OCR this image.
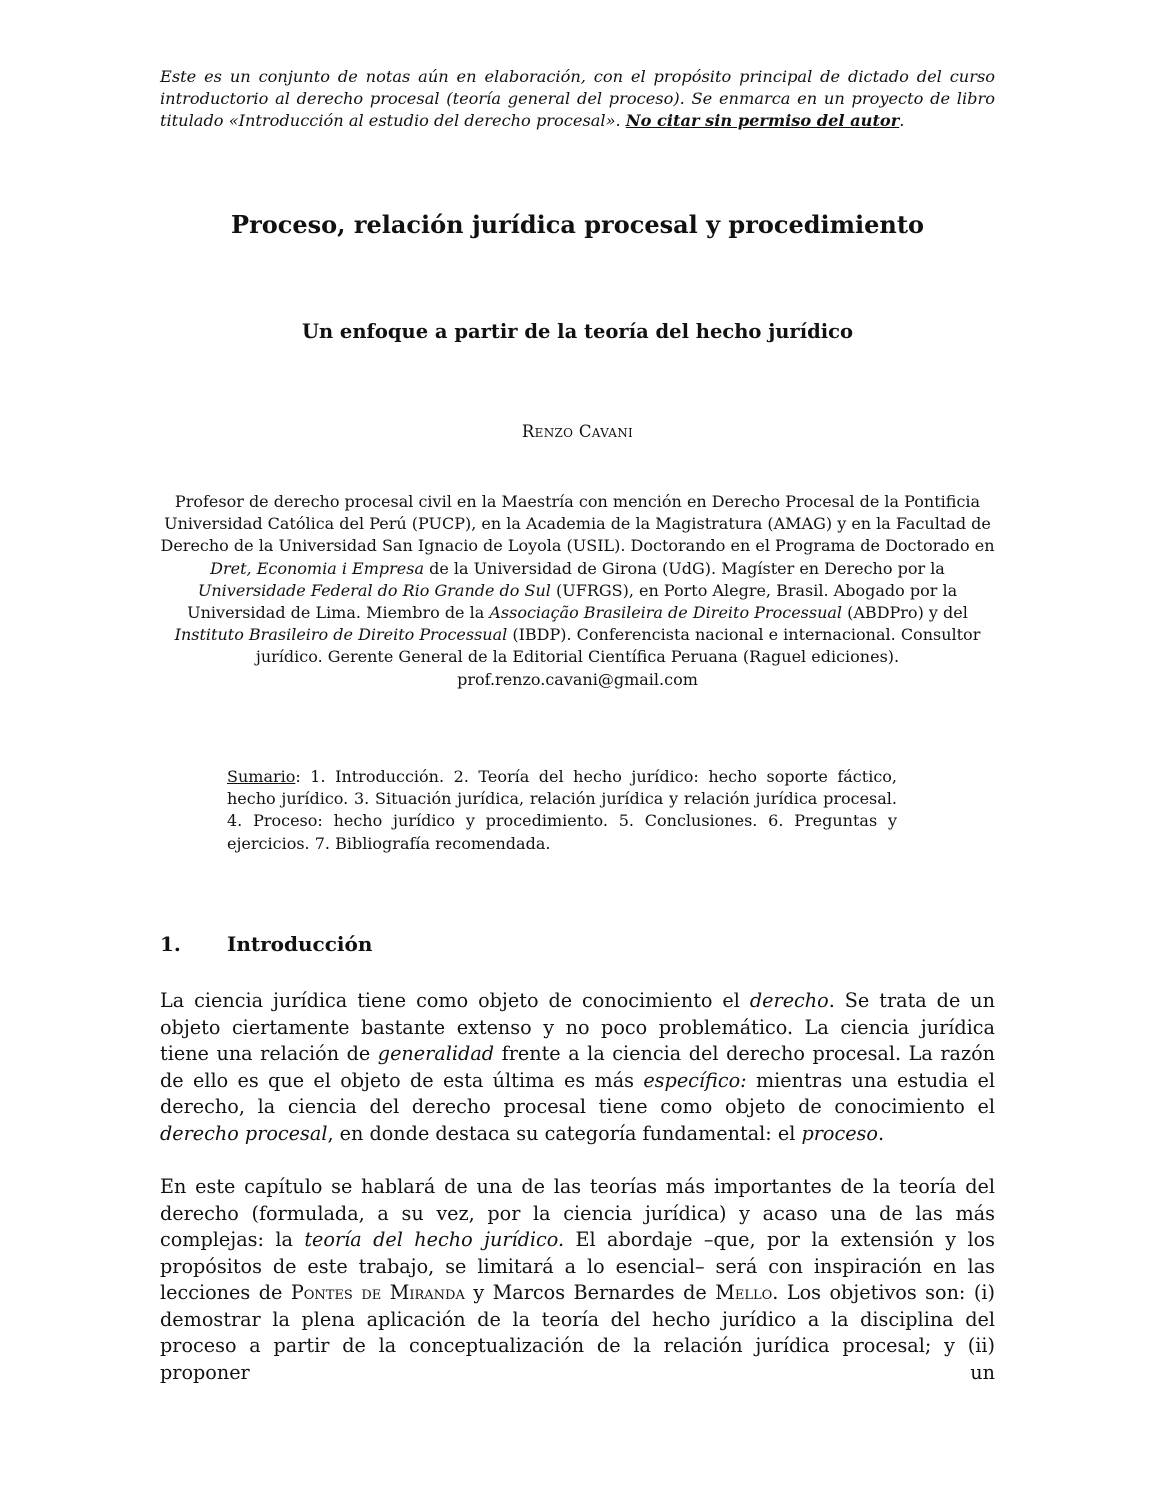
Este es un conjunto de notas aún en elaboración, con el propósito principal de dictado del curso introductorio al derecho procesal (teoría general del proceso). Se enmarca en un proyecto de libro titulado «Introducción al estudio del derecho procesal». No citar sin permiso del autor.

Proceso, relación jurídica procesal y procedimiento
Un enfoque a partir de la teoría del hecho jurídico

Renzo Cavani

Profesor de derecho procesal civil en la Maestría con mención en Derecho Procesal de la Pontificia Universidad Católica del Perú (PUCP), en la Academia de la Magistratura (AMAG) y en la Facultad de Derecho de la Universidad San Ignacio de Loyola (USIL). Doctorando en el Programa de Doctorado en Dret, Economia i Empresa de la Universidad de Girona (UdG). Magíster en Derecho por la Universidade Federal do Rio Grande do Sul (UFRGS), en Porto Alegre, Brasil. Abogado por la Universidad de Lima. Miembro de la Associação Brasileira de Direito Processual (ABDPro) y del Instituto Brasileiro de Direito Processual (IBDP). Conferencista nacional e internacional. Consultor jurídico. Gerente General de la Editorial Científica Peruana (Raguel ediciones).
prof.renzo.cavani@gmail.com

Sumario: 1. Introducción. 2. Teoría del hecho jurídico: hecho soporte fáctico, hecho jurídico. 3. Situación jurídica, relación jurídica y relación jurídica procesal. 4. Proceso: hecho jurídico y procedimiento. 5. Conclusiones. 6. Preguntas y ejercicios. 7. Bibliografía recomendada.

1. Introducción

La ciencia jurídica tiene como objeto de conocimiento el derecho. Se trata de un objeto ciertamente bastante extenso y no poco problemático. La ciencia jurídica tiene una relación de generalidad frente a la ciencia del derecho procesal. La razón de ello es que el objeto de esta última es más específico: mientras una estudia el derecho, la ciencia del derecho procesal tiene como objeto de conocimiento el derecho procesal, en donde destaca su categoría fundamental: el proceso.

En este capítulo se hablará de una de las teorías más importantes de la teoría del derecho (formulada, a su vez, por la ciencia jurídica) y acaso una de las más complejas: la teoría del hecho jurídico. El abordaje –que, por la extensión y los propósitos de este trabajo, se limitará a lo esencial– será con inspiración en las lecciones de Pontes de Miranda y Marcos Bernardes de Mello. Los objetivos son: (i) demostrar la plena aplicación de la teoría del hecho jurídico a la disciplina del proceso a partir de la conceptualización de la relación jurídica procesal; y (ii) proponer un
